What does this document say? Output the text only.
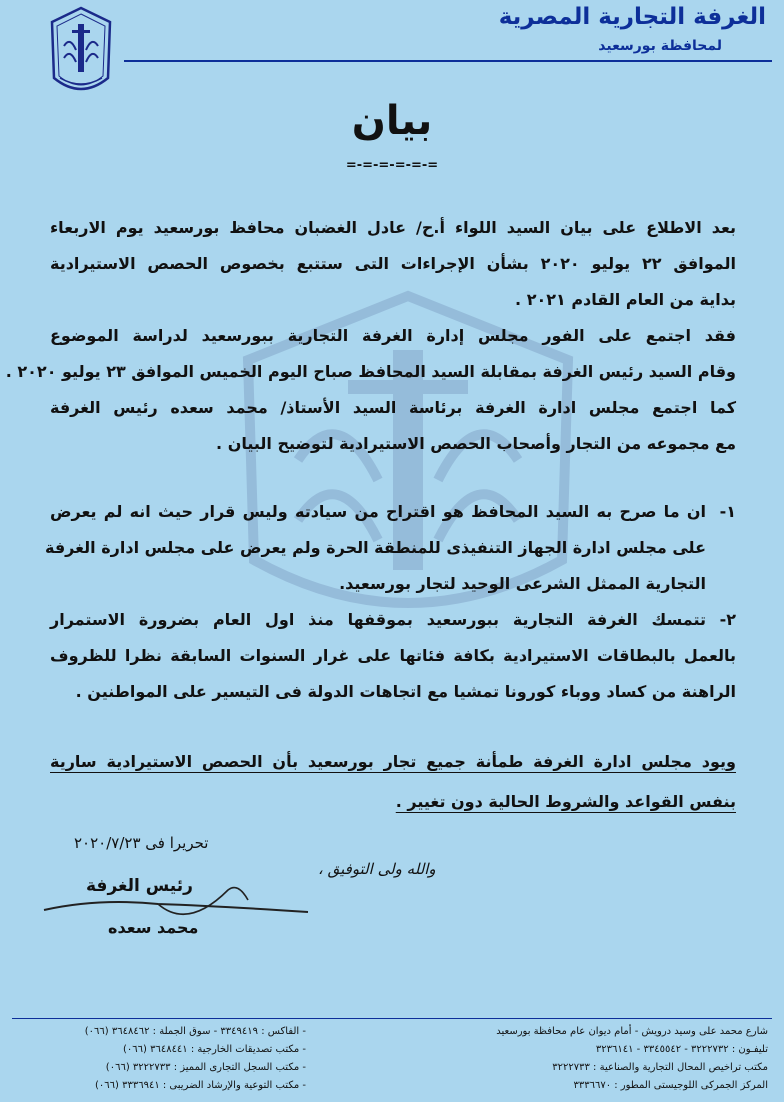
الغرفة التجارية المصرية
لمحافظة بورسعيد
بيان
=-=-=-=-=-=
بعد الاطلاع على بيان السيد اللواء أ.ح/ عادل الغضبان محافظ بورسعيد يوم الاربعاء
الموافق ٢٢ يوليو ٢٠٢٠ بشأن الإجراءات التى ستتبع بخصوص الحصص الاستيرادية
بداية من العام القادم ٢٠٢١ .
فقد اجتمع على الفور مجلس إدارة الغرفة التجارية ببورسعيد لدراسة الموضوع
وقام السيد رئيس الغرفة بمقابلة السيد المحافظ صباح اليوم الخميس الموافق ٢٣ يوليو ٢٠٢٠ .
كما اجتمع مجلس ادارة الغرفة برئاسة السيد الأستاذ/ محمد سعده رئيس الغرفة
مع مجموعه من التجار وأصحاب الحصص الاستيرادية لتوضيح البيان .
١-
ان ما صرح به السيد المحافظ هو اقتراح من سيادته وليس قرار حيث انه لم يعرض
على مجلس ادارة الجهاز التنفيذى للمنطقة الحرة ولم يعرض على مجلس ادارة الغرفة
التجارية الممثل الشرعى الوحيد لتجار بورسعيد.
٢-
تتمسك الغرفة التجارية ببورسعيد بموقفها منذ اول العام بضرورة الاستمرار
بالعمل بالبطاقات الاستيرادية بكافة فئاتها على غرار السنوات السابقة نظرا للظروف
الراهنة من كساد ووباء كورونا تمشيا مع اتجاهات الدولة فى التيسير على المواطنين .
ويود مجلس ادارة الغرفة طمأنة جميع تجار بورسعيد بأن الحصص الاستيرادية سارية
بنفس القواعد والشروط الحالية دون تغيير .
تحريرا فى ٢٠٢٠/٧/٢٣
والله ولى التوفيق ،
رئيس الغرفة
محمد سعده
شارع محمد على وسيد درويش - أمام ديوان عام محافظة بورسعيد
تليفـون : ٣٢٢٢٧٣٢ - ٣٣٤٥٥٤٢ - ٣٢٣٦١٤١
مكتب تراخيص المحال التجارية والصناعية : ٣٢٢٢٧٣٣
المركز الجمركى اللوجيستى المطور : ٣٣٣٦٦٧٠
- الفاكس : ٣٣٤٩٤١٩ - سوق الجملة : ٣٦٤٨٤٦٢ (٠٦٦)
- مكتب تصديقات الخارجية : ٣٦٤٨٤٤١ (٠٦٦)
- مكتب السجل التجارى المميز : ٣٢٢٢٧٣٣ (٠٦٦)
- مكتب التوعية والإرشاد الضريبى : ٣٣٣٦٩٤١ (٠٦٦)
